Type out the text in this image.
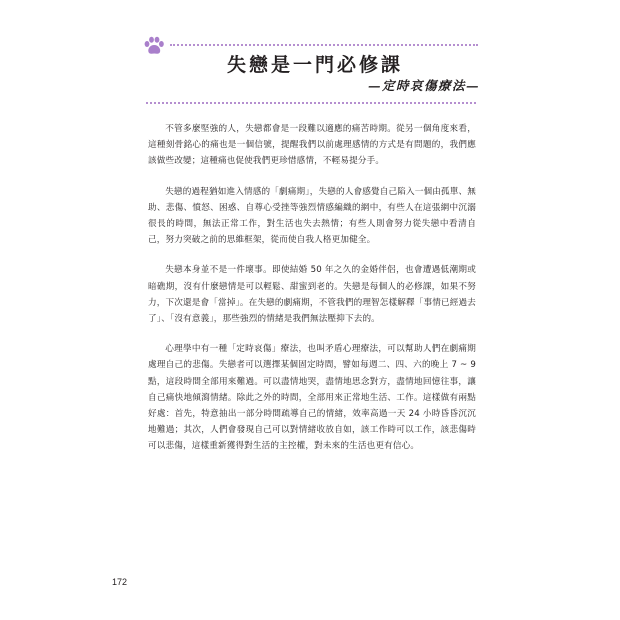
失戀是一門必修課

—定時哀傷療法—

不管多麼堅強的人，失戀都會是一段難以適應的痛苦時期。從另一個角度來看，這種刻骨銘心的痛也是一個信號，提醒我們以前處理感情的方式是有問題的，我們應該做些改變；這種痛也促使我們更珍惜感情，不輕易提分手。

失戀的過程猶如進入情感的「劇痛期」，失戀的人會感覺自己陷入一個由孤單、無助、悲傷、憤怒、困惑、自尊心受挫等強烈情感編織的網中，有些人在這張網中沉溺很長的時間，無法正常工作，對生活也失去熱情；有些人則會努力從失戀中看清自己，努力突破之前的思維框架，從而使自我人格更加健全。

失戀本身並不是一件壞事。即使結婚 50 年之久的金婚伴侶，也會遭遇低潮期或暗礁期，沒有什麼戀情是可以輕鬆、甜蜜到老的。失戀是每個人的必修課，如果不努力，下次還是會「當掉」。在失戀的劇痛期，不管我們的理智怎樣解釋「事情已經過去了」、「沒有意義」，那些強烈的情緒是我們無法壓抑下去的。

心理學中有一種「定時哀傷」療法，也叫矛盾心理療法，可以幫助人們在劇痛期處理自己的悲傷。失戀者可以選擇某個固定時間，譬如每週二、四、六的晚上 7 ~ 9 點，這段時間全部用來難過。可以盡情地哭，盡情地思念對方，盡情地回憶往事，讓自己痛快地傾瀉情緒。除此之外的時間，全部用來正常地生活、工作。這樣做有兩點好處：首先，特意抽出一部分時間疏導自己的情緒，效率高過一天 24 小時昏昏沉沉地難過；其次，人們會發現自己可以對情緒收放自如，該工作時可以工作，該悲傷時可以悲傷，這樣重新獲得對生活的主控權，對未來的生活也更有信心。

172
